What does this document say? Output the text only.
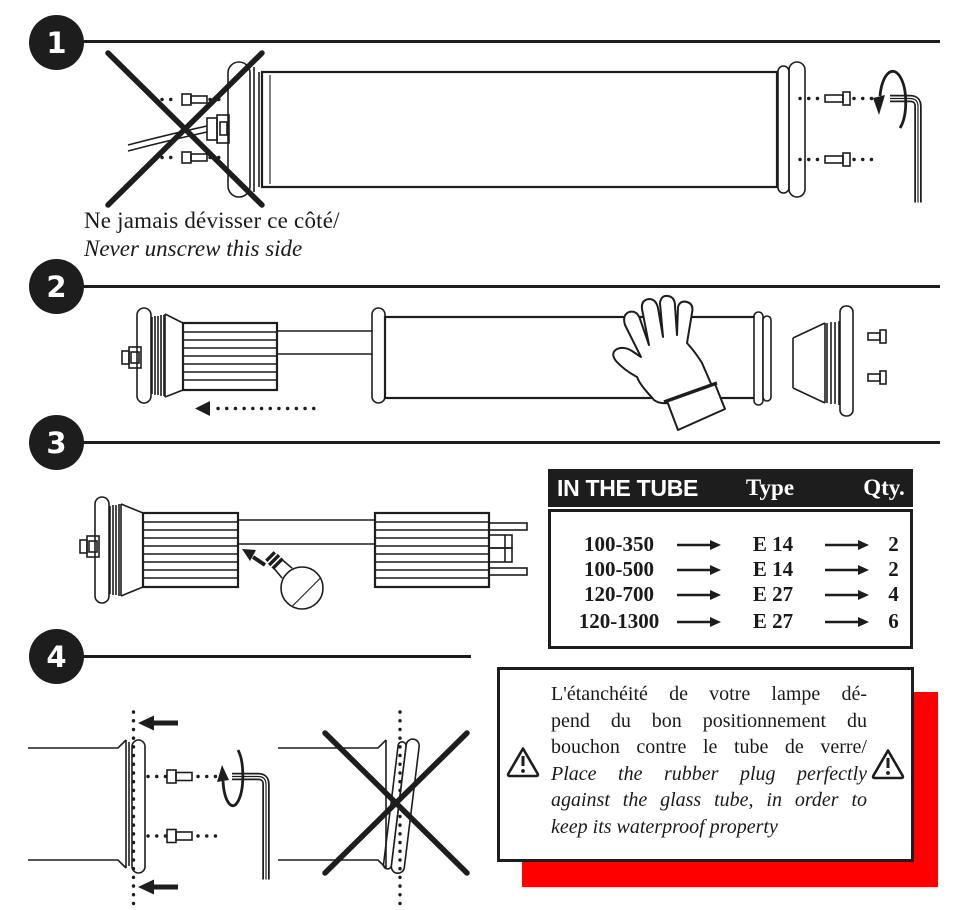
1
Ne jamais dévisser ce côté/
Never unscrew this side
2
3
IN THE TUBE	Type	Qty.
100-350	E 14	2
100-500	E 14	2
120-700	E 27	4
120-1300	E 27	6
4
L'étanchéité de votre lampe dé-
pend du bon positionnement du
bouchon contre le tube de verre/
Place the rubber plug perfectly
against the glass tube, in order to
keep its waterproof property
